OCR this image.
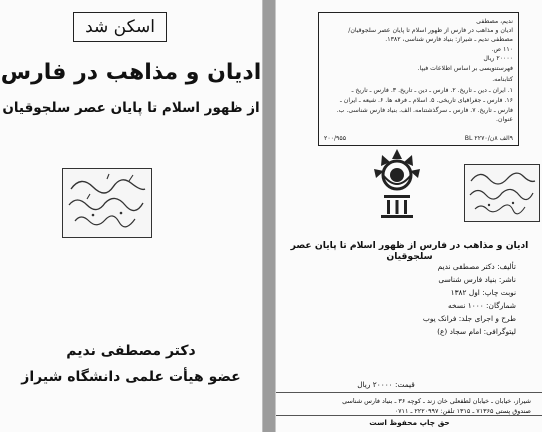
اسکن شد
ادیان و مذاهب در فارس
از ظهور اسلام تا پایان عصر سلجوقیان
دکتر مصطفی ندیم
عضو هیأت علمی دانشگاه شیراز
ندیم، مصطفی
ادیان و مذاهب در فارس از ظهور اسلام تا پایان عصر سلجوقیان/
مصطفی ندیم ـ شیراز: بنیاد فارس شناسی، ۱۳۸۲.
۱۱۰ ص.
۲۰۰۰۰ ریال
فهرستنویسی بر اساس اطلاعات فیپا.
کتابنامه.
۱. ایران ـ دین ـ تاریخ. ۲. فارس ـ دین ـ تاریخ. ۳. فارس ـ تاریخ ـ
۱۶. فارس ـ جغرافیای تاریخی. ۵. اسلام ـ فرقه ها. ۶. شیعه ـ ایران ـ
فارس ـ تاریخ. ۷. فارس ـ سرگذشتنامه. الف. بنیاد فارس شناسی. ب.
عنوان.
۲۰۰/۹۵۵	۹الف ۸ن/۲۲۷۰ BL
ادیان و مذاهب در فارس از ظهور اسلام تا پایان عصر سلجوقیان
تألیف: دکتر مصطفی ندیم
ناشر: بنیاد فارس شناسی
نوبت چاپ: اول ۱۳۸۲
شمارگان: ۱۰۰۰ نسخه
طرح و اجرای جلد: فرانک یوب
لیتوگرافی: امام سجاد (ع)
قیمت: ۲۰۰۰۰ ریال
شیراز، خیابان ـ خیابان لطفعلی خان زند ـ کوچه ۳۶ ـ بنیاد فارس شناسی
صندوق پستی ۷۱۳۶۵ ـ ۱۳۱۵ تلفن: ۲۲۲۰۹۹۷ ـ ۰۷۱۱
حق چاپ محفوظ است
